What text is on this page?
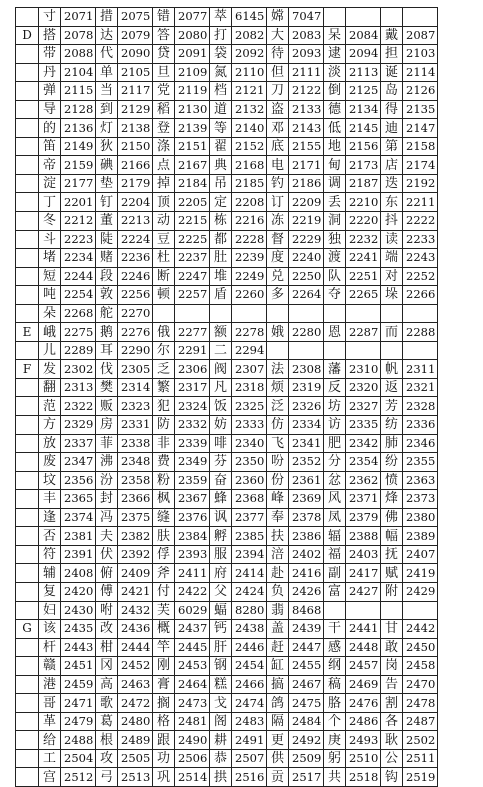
	寸	2071	措	2075	错	2077	萃	6145	嫦	7047				
D	搭	2078	达	2079	答	2080	打	2082	大	2083	呆	2084	戴	2087
	带	2088	代	2090	贷	2091	袋	2092	待	2093	逮	2094	担	2103
	丹	2104	单	2105	旦	2109	氮	2110	但	2111	淡	2113	诞	2114
	弹	2115	当	2117	党	2119	档	2121	刀	2122	倒	2125	岛	2126
	导	2128	到	2129	稻	2130	道	2132	盗	2133	德	2134	得	2135
	的	2136	灯	2138	登	2139	等	2140	邓	2143	低	2145	迪	2147
	笛	2149	狄	2150	涤	2151	翟	2152	底	2155	地	2156	第	2158
	帝	2159	碘	2166	点	2167	典	2168	电	2171	甸	2173	店	2174
	淀	2177	垫	2179	掉	2184	吊	2185	钓	2186	调	2187	迭	2192
	丁	2201	钉	2204	顶	2205	定	2208	订	2209	丢	2210	东	2211
	冬	2212	董	2213	动	2215	栋	2216	冻	2219	洞	2220	抖	2222
	斗	2223	陡	2224	豆	2225	都	2228	督	2229	独	2232	读	2233
	堵	2234	赌	2236	杜	2237	肚	2239	度	2240	渡	2241	端	2243
	短	2244	段	2246	断	2247	堆	2249	兑	2250	队	2251	对	2252
	吨	2254	敦	2256	顿	2257	盾	2260	多	2264	夺	2265	垛	2266
	朵	2268	舵	2270										
E	峨	2275	鹅	2276	俄	2277	额	2278	娥	2280	恩	2287	而	2288
	儿	2289	耳	2290	尔	2291	二	2294						
F	发	2302	伐	2305	乏	2306	阀	2307	法	2308	藩	2310	帆	2311
	翻	2313	樊	2314	繁	2317	凡	2318	烦	2319	反	2320	返	2321
	范	2322	贩	2323	犯	2324	饭	2325	泛	2326	坊	2327	芳	2328
	方	2329	房	2331	防	2332	妨	2333	仿	2334	访	2335	纺	2336
	放	2337	菲	2338	非	2339	啡	2340	飞	2341	肥	2342	肺	2346
	废	2347	沸	2348	费	2349	芬	2350	吩	2352	分	2354	纷	2355
	坟	2356	汾	2358	粉	2359	奋	2360	份	2361	忿	2362	愤	2363
	丰	2365	封	2366	枫	2367	蜂	2368	峰	2369	风	2371	烽	2373
	逢	2374	冯	2375	缝	2376	讽	2377	奉	2378	凤	2379	佛	2380
	否	2381	夫	2382	肤	2384	孵	2385	扶	2386	辐	2388	幅	2389
	符	2391	伏	2392	俘	2393	服	2394	涪	2402	福	2403	抚	2407
	辅	2408	俯	2409	斧	2411	府	2414	赴	2416	副	2417	赋	2419
	复	2420	傅	2421	付	2422	父	2424	负	2426	富	2427	附	2429
	妇	2430	咐	2432	芙	6029	蝠	8280	翡	8468				
G	该	2435	改	2436	概	2437	钙	2438	盖	2439	干	2441	甘	2442
	杆	2443	柑	2444	竿	2445	肝	2446	赶	2447	感	2448	敢	2450
	赣	2451	冈	2452	刚	2453	钢	2454	缸	2455	纲	2457	岗	2458
	港	2459	高	2463	膏	2464	糕	2466	搞	2467	稿	2469	告	2470
	哥	2471	歌	2472	搁	2473	戈	2474	鸽	2475	胳	2476	割	2478
	革	2479	葛	2480	格	2481	阁	2483	隔	2484	个	2486	各	2487
	给	2488	根	2489	跟	2490	耕	2491	更	2492	庚	2493	耿	2502
	工	2504	攻	2505	功	2506	恭	2507	供	2509	躬	2510	公	2511
	宫	2512	弓	2513	巩	2514	拱	2516	贡	2517	共	2518	钩	2519
